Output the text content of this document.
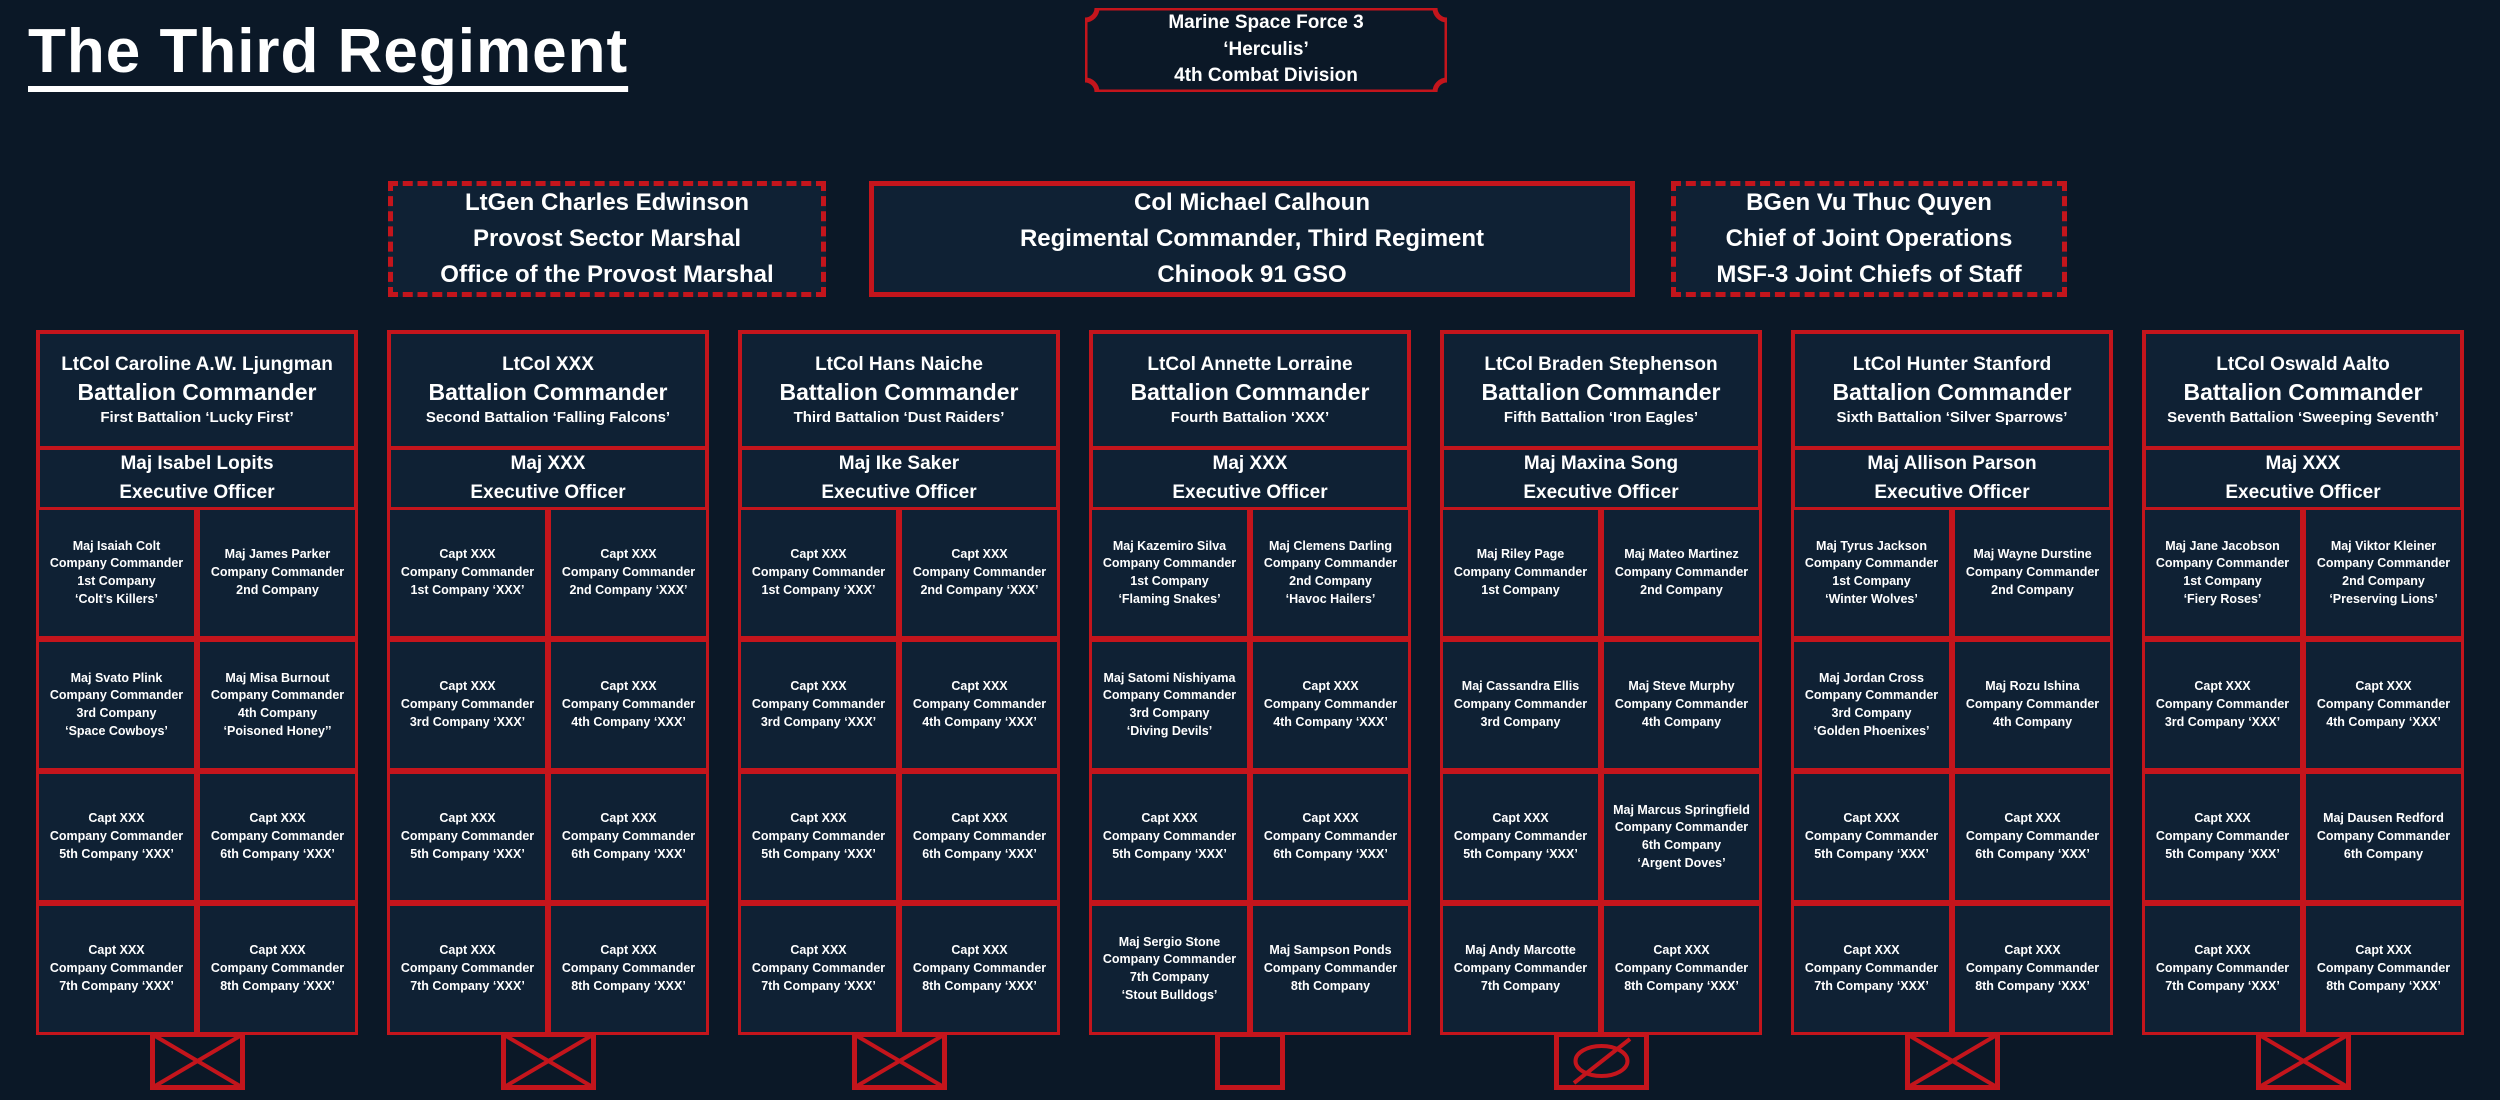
The Third Regiment	Marine Space Force 3
‘Herculis’
4th Combat Division
LtGen Charles Edwinson
Provost Sector Marshal
Office of the Provost Marshal
Col Michael Calhoun
Regimental Commander, Third Regiment
Chinook 91 GSO
BGen Vu Thuc Quyen
Chief of Joint Operations
MSF-3 Joint Chiefs of Staff
LtCol Caroline A.W. Ljungman
Battalion Commander
First Battalion ‘Lucky First’
Maj Isabel Lopits
Executive Officer
Maj Isaiah Colt
Company Commander
1st Company
‘Colt’s Killers’
Maj James Parker
Company Commander
2nd Company
Maj Svato Plink
Company Commander
3rd Company
‘Space Cowboys’
Maj Misa Burnout
Company Commander
4th Company
‘Poisoned Honey’’
Capt XXX
Company Commander
5th Company ‘XXX’
Capt XXX
Company Commander
6th Company ‘XXX’
Capt XXX
Company Commander
7th Company ‘XXX’
Capt XXX
Company Commander
8th Company ‘XXX’
LtCol XXX
Battalion Commander
Second Battalion ‘Falling Falcons’
Maj XXX
Executive Officer
Capt XXX
Company Commander
1st Company ‘XXX’
Capt XXX
Company Commander
2nd Company ‘XXX’
Capt XXX
Company Commander
3rd Company ‘XXX’
Capt XXX
Company Commander
4th Company ‘XXX’
Capt XXX
Company Commander
5th Company ‘XXX’
Capt XXX
Company Commander
6th Company ‘XXX’
Capt XXX
Company Commander
7th Company ‘XXX’
Capt XXX
Company Commander
8th Company ‘XXX’
LtCol Hans Naiche
Battalion Commander
Third Battalion ‘Dust Raiders’
Maj Ike Saker
Executive Officer
Capt XXX
Company Commander
1st Company ‘XXX’
Capt XXX
Company Commander
2nd Company ‘XXX’
Capt XXX
Company Commander
3rd Company ‘XXX’
Capt XXX
Company Commander
4th Company ‘XXX’
Capt XXX
Company Commander
5th Company ‘XXX’
Capt XXX
Company Commander
6th Company ‘XXX’
Capt XXX
Company Commander
7th Company ‘XXX’
Capt XXX
Company Commander
8th Company ‘XXX’
LtCol Annette Lorraine
Battalion Commander
Fourth Battalion ‘XXX’
Maj XXX
Executive Officer
Maj Kazemiro Silva
Company Commander
1st Company
‘Flaming Snakes’
Maj Clemens Darling
Company Commander
2nd Company
‘Havoc Hailers’
Maj Satomi Nishiyama
Company Commander
3rd Company
‘Diving Devils’
Capt XXX
Company Commander
4th Company ‘XXX’
Capt XXX
Company Commander
5th Company ‘XXX’
Capt XXX
Company Commander
6th Company ‘XXX’
Maj Sergio Stone
Company Commander
7th Company
‘Stout Bulldogs’
Maj Sampson Ponds
Company Commander
8th Company
LtCol Braden Stephenson
Battalion Commander
Fifth Battalion ‘Iron Eagles’
Maj Maxina Song
Executive Officer
Maj Riley Page
Company Commander
1st Company
Maj Mateo Martinez
Company Commander
2nd Company
Maj Cassandra Ellis
Company Commander
3rd Company
Maj Steve Murphy
Company Commander
4th Company
Capt XXX
Company Commander
5th Company ‘XXX’
Maj Marcus Springfield
Company Commander
6th Company
‘Argent Doves’
Maj Andy Marcotte
Company Commander
7th Company
Capt XXX
Company Commander
8th Company ‘XXX’
LtCol Hunter Stanford
Battalion Commander
Sixth Battalion ‘Silver Sparrows’
Maj Allison Parson
Executive Officer
Maj Tyrus Jackson
Company Commander
1st Company
‘Winter Wolves’
Maj Wayne Durstine
Company Commander
2nd Company
Maj Jordan Cross
Company Commander
3rd Company
‘Golden Phoenixes’
Maj Rozu Ishina
Company Commander
4th Company
Capt XXX
Company Commander
5th Company ‘XXX’
Capt XXX
Company Commander
6th Company ‘XXX’
Capt XXX
Company Commander
7th Company ‘XXX’
Capt XXX
Company Commander
8th Company ‘XXX’
LtCol Oswald Aalto
Battalion Commander
Seventh Battalion ‘Sweeping Seventh’
Maj XXX
Executive Officer
Maj Jane Jacobson
Company Commander
1st Company
‘Fiery Roses’
Maj Viktor Kleiner
Company Commander
2nd Company
‘Preserving Lions’
Capt XXX
Company Commander
3rd Company ‘XXX’
Capt XXX
Company Commander
4th Company ‘XXX’
Capt XXX
Company Commander
5th Company ‘XXX’
Maj Dausen Redford
Company Commander
6th Company
Capt XXX
Company Commander
7th Company ‘XXX’
Capt XXX
Company Commander
8th Company ‘XXX’
